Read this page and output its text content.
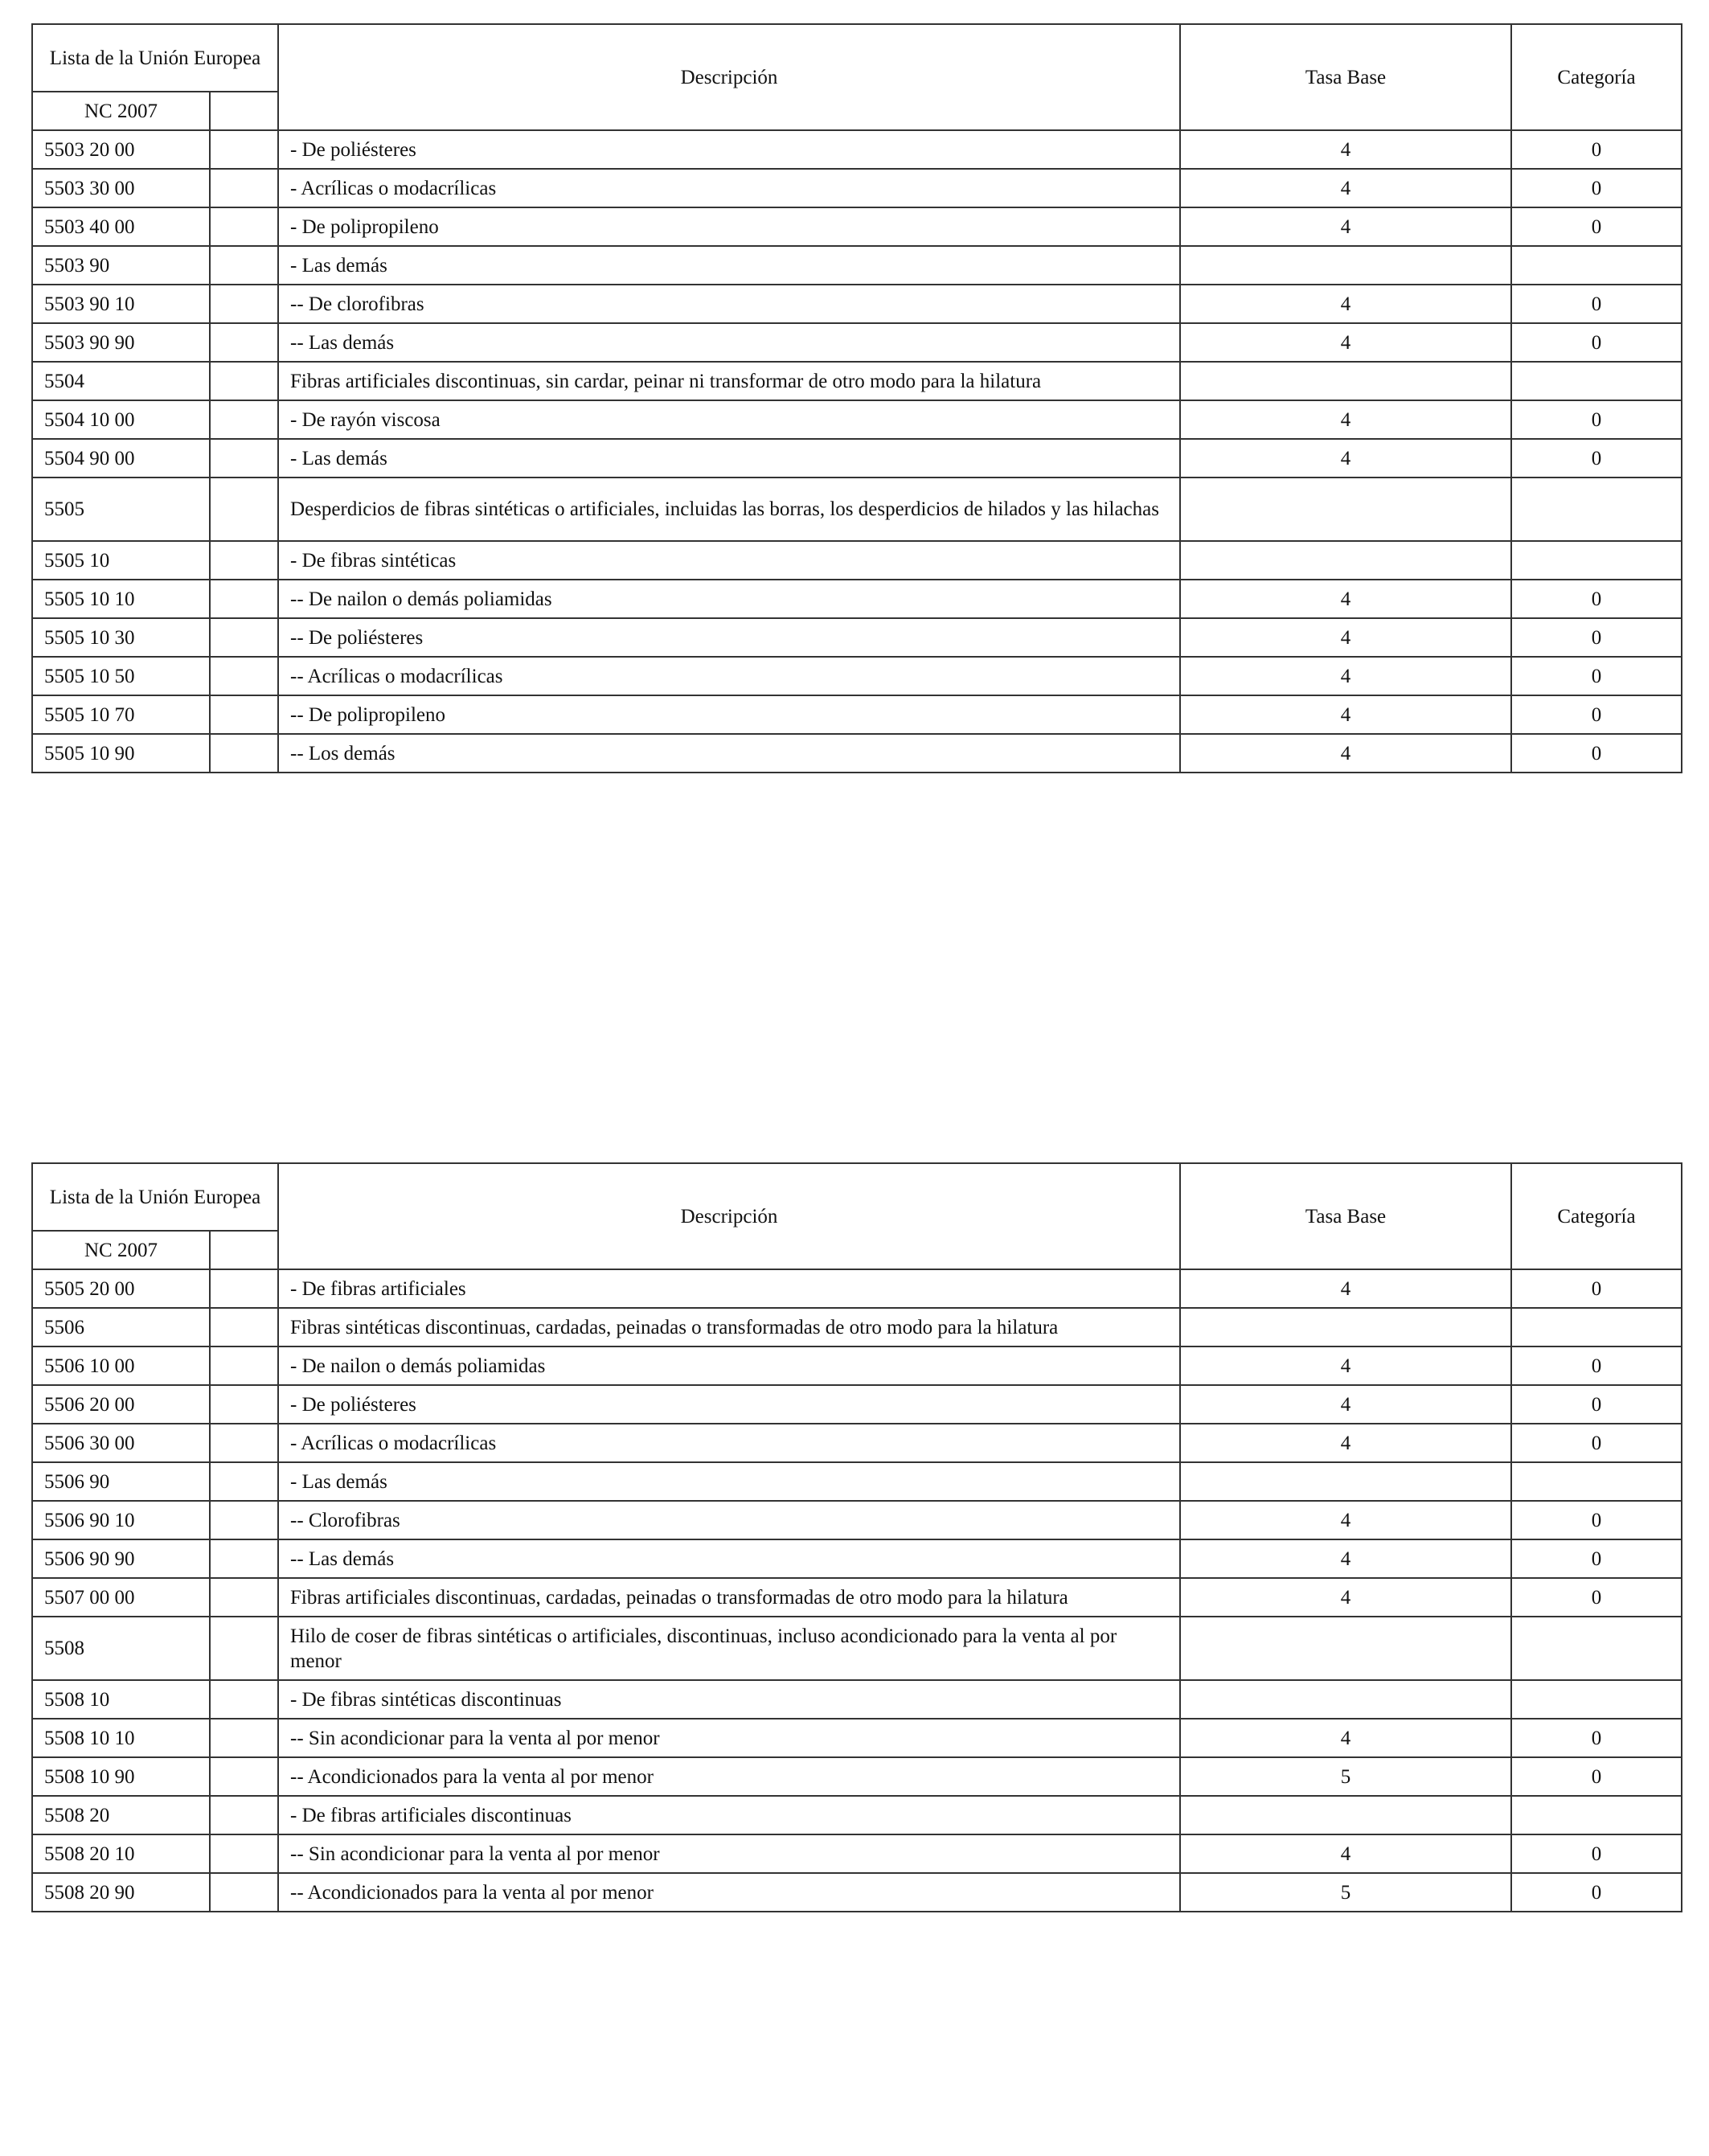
Lista de la Unión Europea		Descripción	Tasa Base	Categoría
NC 2007				
5503 20 00		- De poliésteres	4	0
5503 30 00		- Acrílicas o modacrílicas	4	0
5503 40 00		- De polipropileno	4	0
5503 90		- Las demás		
5503 90 10		-- De clorofibras	4	0
5503 90 90		-- Las demás	4	0
5504		Fibras artificiales discontinuas, sin cardar, peinar ni transformar de otro modo para la hilatura		
5504 10 00		- De rayón viscosa	4	0
5504 90 00		- Las demás	4	0
5505		Desperdicios de fibras sintéticas o artificiales, incluidas las borras, los desperdicios de hilados y las hilachas		
5505 10		- De fibras sintéticas		
5505 10 10		-- De nailon o demás poliamidas	4	0
5505 10 30		-- De poliésteres	4	0
5505 10 50		-- Acrílicas o modacrílicas	4	0
5505 10 70		-- De polipropileno	4	0
5505 10 90		-- Los demás	4	0
Lista de la Unión Europea		Descripción	Tasa Base	Categoría
NC 2007				
5505 20 00		- De fibras artificiales	4	0
5506		Fibras sintéticas discontinuas, cardadas, peinadas o transformadas de otro modo para la hilatura		
5506 10 00		- De nailon o demás poliamidas	4	0
5506 20 00		- De poliésteres	4	0
5506 30 00		- Acrílicas o modacrílicas	4	0
5506 90		- Las demás		
5506 90 10		-- Clorofibras	4	0
5506 90 90		-- Las demás	4	0
5507 00 00		Fibras artificiales discontinuas, cardadas, peinadas o transformadas de otro modo para la hilatura	4	0
5508		Hilo de coser de fibras sintéticas o artificiales, discontinuas, incluso acondicionado para la venta al por menor		
5508 10		- De fibras sintéticas discontinuas		
5508 10 10		-- Sin acondicionar para la venta al por menor	4	0
5508 10 90		-- Acondicionados para la venta al por menor	5	0
5508 20		- De fibras artificiales discontinuas		
5508 20 10		-- Sin acondicionar para la venta al por menor	4	0
5508 20 90		-- Acondicionados para la venta al por menor	5	0
